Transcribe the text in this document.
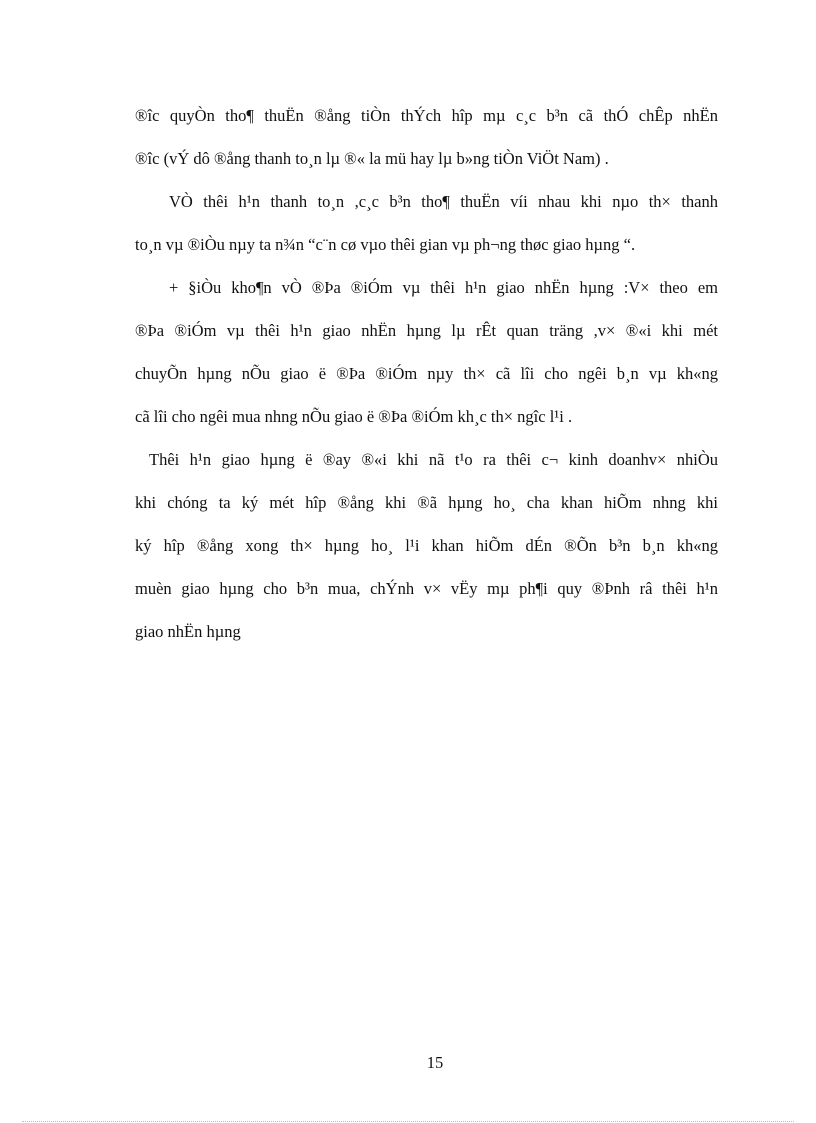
®îc quyÒn tho¶ thuËn ®ång tiÒn thÝch hîp mµ c¸c b³n cã thÓ chÊp nhËn

®îc (vÝ dô ®ång thanh to¸n lµ ®« la mü hay lµ b»ng tiÒn ViÖt Nam) .

VÒ thêi h¹n thanh to¸n ,c¸c b³n tho¶ thuËn víi nhau khi nµo th× thanh

to¸n vµ ®iÒu nµy ta n¾n “c¨n cø vµo thêi gian vµ ph¬ng thøc giao hµng “.

+ §iÒu kho¶n vÒ ®Þa ®iÓm vµ thêi h¹n giao nhËn hµng :V× theo em

®Þa ®iÓm vµ thêi h¹n giao nhËn hµng lµ rÊt quan träng ,v× ®«i khi mét

chuyÕn hµng nÕu giao ë ®Þa ®iÓm nµy th× cã lîi cho ngêi b¸n vµ kh«ng

cã lîi cho ngêi mua nhng nÕu giao ë ®Þa ®iÓm kh¸c th× ngîc l¹i .

Thêi h¹n giao hµng ë ®ay ®«i khi nã t¹o ra thêi c¬ kinh doanhv× nhiÒu

khi chóng ta ký mét hîp ®ång khi ®ã hµng ho¸ cha khan hiÕm nhng khi

ký hîp ®ång xong th× hµng ho¸ l¹i khan hiÕm dÉn ®Õn b³n b¸n kh«ng

muèn giao hµng cho b³n mua, chÝnh v× vËy mµ ph¶i quy ®Þnh râ thêi h¹n

giao nhËn hµng

15
